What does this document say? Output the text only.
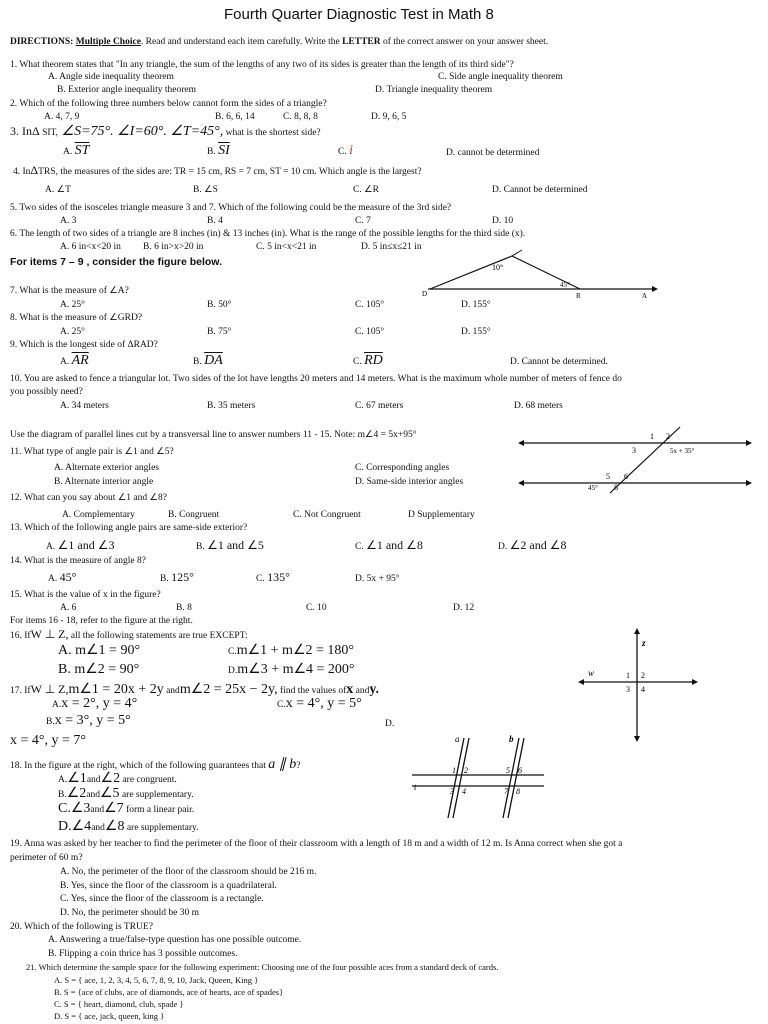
Fourth Quarter Diagnostic Test in Math 8
DIRECTIONS: Multiple Choice. Read and understand each item carefully. Write the LETTER of the correct answer on your answer sheet.
1. What theorem states that "In any triangle, the sum of the lengths of any two of its sides is greater than the length of its third side"?
A. Angle side inequality theorem	C. Side angle inequality theorem
B. Exterior angle inequality theorem	D. Triangle inequality theorem
2. Which of the following three numbers below cannot form the sides of a triangle?
A. 4, 7, 9	B. 6, 6, 14	C. 8, 8, 8	D. 9, 6, 5
3. InΔ SIT, ∠S=75°. ∠I=60°. ∠T=45°, what is the shortest side?
A. $\overline{ST}$	B. $\overline{SI}$	C. i	D. cannot be determined
4. InΔTRS, the measures of the sides are: TR = 15 cm, RS = 7 cm, ST = 10 cm. Which angle is the largest?
A. ∠T	B. ∠S	C. ∠R	D. Cannot be determined
5. Two sides of the isosceles triangle measure 3 and 7. Which of the following could be the measure of the 3rd side?
A. 3	B. 4	C. 7	D. 10
6. The length of two sides of a triangle are 8 inches (in) & 13 inches (in). What is the range of the possible lengths for the third side (x).
A. 6 in<x<20 in B. 6 in>x>20 in	C. 5 in<x<21 in	D. 5 in≤x≤21 in
For items 7 – 9 , consider the figure below.	10°
45°
D	R	A
7. What is the measure of ∠A?
A. 25°	B. 50°	C. 105°	D. 155°
8. What is the measure of ∠GRD?
A. 25°	B. 75°	C. 105°	D. 155°
9. Which is the longest side of ΔRAD?
A. $\overline{AR}$	B. $\overline{DA}$	C. $\overline{RD}$	D. Cannot be determined.
10. You are asked to fence a triangular lot. Two sides of the lot have lengths 20 meters and 14 meters. What is the maximum whole number of meters of fence do
you possibly need?
A. 34 meters	B. 35 meters	C. 67 meters	D. 68 meters
Use the diagram of parallel lines cut by a transversal line to answer numbers 11 - 15. Note: m∠4 = 5x+95°	1 2
3	5x + 35°
5 6
45° 8
11. What type of angle pair is ∠1 and ∠5?
A. Alternate exterior angles	C. Corresponding angles
B. Alternate interior angle	D. Same-side interior angles
12. What can you say about ∠1 and ∠8?
A. Complementary	B. Congruent	C. Not Congruent	D Supplementary
13. Which of the following angle pairs are same-side exterior?
A. ∠1 and ∠3	B. ∠1 and ∠5	C. ∠1 and ∠8	D. ∠2 and ∠8
14. What is the measure of angle 8?
A. 45°	B. 125°	C. 135°	D. 5x + 95°
15. What is the value of x in the figure?
A. 6	B. 8	C. 10	D. 12
For items 16 - 18, refer to the figure at the right.
16. IfW ⊥ Z, all the following statements are true EXCEPT:
A. m∠1 = 90°	C.m∠1 + m∠2 = 180°
B. m∠2 = 90°	D.m∠3 + m∠4 = 200°
z
w	1 2
3 4
17. IfW ⊥ Z,m∠1 = 20x + 2y andm∠2 = 25x − 2y, find the values ofx andy.
A.x = 2°, y = 4°	C.x = 4°, y = 5°
B.x = 3°, y = 5°	D.
x = 4°, y = 7°	a	b
t
1 2
3 4
5 6
7 8
18. In the figure at the right, which of the following guarantees that a ∥ b?
A.∠1and∠2 are congruent.
B.∠2and∠5 are supplementary.
C.∠3and∠7 form a linear pair.
D.∠4and∠8 are supplementary.
19. Anna was asked by her teacher to find the perimeter of the floor of their classroom with a length of 18 m and a width of 12 m. Is Anna correct when she got a
perimeter of 60 m?
A. No, the perimeter of the floor of the classroom should be 216 m.
B. Yes, since the floor of the classroom is a quadrilateral.
C. Yes, since the floor of the classroom is a rectangle.
D. No, the perimeter should be 30 m
20. Which of the following is TRUE?
A. Answering a true/false-type question has one possible outcome.
B. Flipping a coin thrice has 3 possible outcomes.
21. Which determine the sample space for the following experiment: Choosing one of the four possible aces from a standard deck of cards.
A. S = { ace, 1, 2, 3, 4, 5, 6, 7, 8, 9, 10, Jack, Queen, King }
B. S = {ace of clubs, ace of diamonds, ace of hearts, ace of spades}
C. S = { heart, diamond, club, spade }
D. S = { ace, jack, queen, king }
